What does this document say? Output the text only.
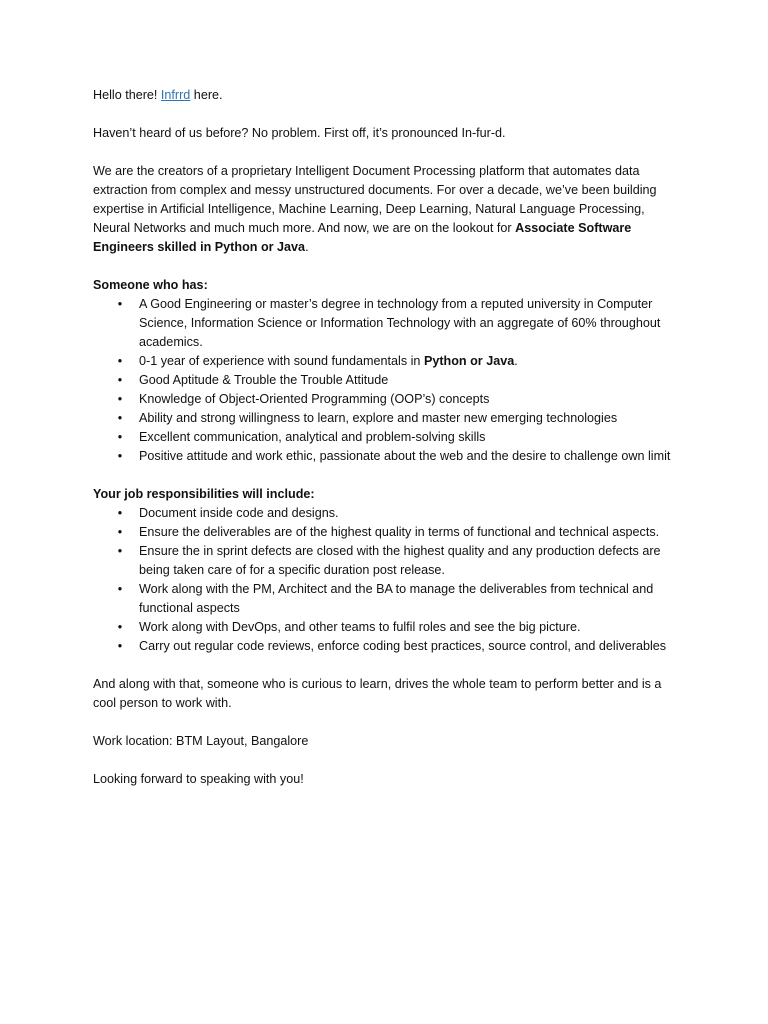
Hello there! Infrrd here.

Haven’t heard of us before? No problem. First off, it’s pronounced In-fur-d.

We are the creators of a proprietary Intelligent Document Processing platform that automates data extraction from complex and messy unstructured documents. For over a decade, we’ve been building expertise in Artificial Intelligence, Machine Learning, Deep Learning, Natural Language Processing, Neural Networks and much much more. And now, we are on the lookout for Associate Software Engineers skilled in Python or Java.

Someone who has:

• A Good Engineering or master’s degree in technology from a reputed university in Computer Science, Information Science or Information Technology with an aggregate of 60% throughout academics.
• 0-1 year of experience with sound fundamentals in Python or Java.
• Good Aptitude & Trouble the Trouble Attitude
• Knowledge of Object-Oriented Programming (OOP’s) concepts
• Ability and strong willingness to learn, explore and master new emerging technologies
• Excellent communication, analytical and problem-solving skills
• Positive attitude and work ethic, passionate about the web and the desire to challenge own limit

Your job responsibilities will include:

• Document inside code and designs.
• Ensure the deliverables are of the highest quality in terms of functional and technical aspects.
• Ensure the in sprint defects are closed with the highest quality and any production defects are being taken care of for a specific duration post release.
• Work along with the PM, Architect and the BA to manage the deliverables from technical and functional aspects
• Work along with DevOps, and other teams to fulfil roles and see the big picture.
• Carry out regular code reviews, enforce coding best practices, source control, and deliverables

And along with that, someone who is curious to learn, drives the whole team to perform better and is a cool person to work with.

Work location: BTM Layout, Bangalore

Looking forward to speaking with you!
